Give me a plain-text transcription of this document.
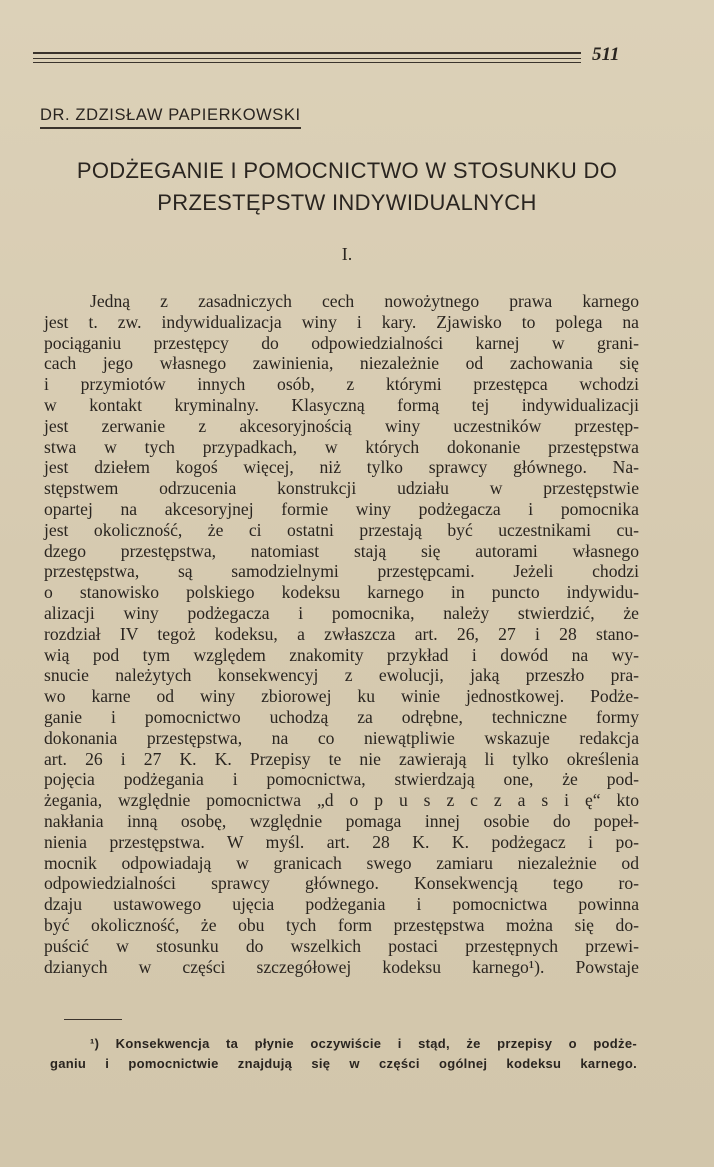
511
DR. ZDZISŁAW PAPIERKOWSKI
PODŻEGANIE I POMOCNICTWO W STOSUNKU DO
PRZESTĘPSTW INDYWIDUALNYCH
I.
Jedną z zasadniczych cech nowożytnego prawa karnego
jest t. zw. indywidualizacja winy i kary. Zjawisko to polega na
pociąganiu przestępcy do odpowiedzialności karnej w grani-
cach jego własnego zawinienia, niezależnie od zachowania się
i przymiotów innych osób, z którymi przestępca wchodzi
w kontakt kryminalny. Klasyczną formą tej indywidualizacji
jest zerwanie z akcesoryjnością winy uczestników przestęp-
stwa w tych przypadkach, w których dokonanie przestępstwa
jest dziełem kogoś więcej, niż tylko sprawcy głównego. Na-
stępstwem odrzucenia konstrukcji udziału w przestępstwie
opartej na akcesoryjnej formie winy podżegacza i pomocnika
jest okoliczność, że ci ostatni przestają być uczestnikami cu-
dzego przestępstwa, natomiast stają się autorami własnego
przestępstwa, są samodzielnymi przestępcami. Jeżeli chodzi
o stanowisko polskiego kodeksu karnego in puncto indywidu-
alizacji winy podżegacza i pomocnika, należy stwierdzić, że
rozdział IV tegoż kodeksu, a zwłaszcza art. 26, 27 i 28 stano-
wią pod tym względem znakomity przykład i dowód na wy-
snucie należytych konsekwencyj z ewolucji, jaką przeszło pra-
wo karne od winy zbiorowej ku winie jednostkowej. Podże-
ganie i pomocnictwo uchodzą za odrębne, techniczne formy
dokonania przestępstwa, na co niewątpliwie wskazuje redakcja
art. 26 i 27 K. K. Przepisy te nie zawierają li tylko określenia
pojęcia podżegania i pomocnictwa, stwierdzają one, że pod-
żegania, względnie pomocnictwa „d o p u s z c z a s i ę“ kto
nakłania inną osobę, względnie pomaga innej osobie do popeł-
nienia przestępstwa. W myśl. art. 28 K. K. podżegacz i po-
mocnik odpowiadają w granicach swego zamiaru niezależnie od
odpowiedzialności sprawcy głównego. Konsekwencją tego ro-
dzaju ustawowego ujęcia podżegania i pomocnictwa powinna
być okoliczność, że obu tych form przestępstwa można się do-
puścić w stosunku do wszelkich postaci przestępnych przewi-
dzianych w części szczegółowej kodeksu karnego¹). Powstaje
¹) Konsekwencja ta płynie oczywiście i stąd, że przepisy o podże-
ganiu i pomocnictwie znajdują się w części ogólnej kodeksu karnego.
